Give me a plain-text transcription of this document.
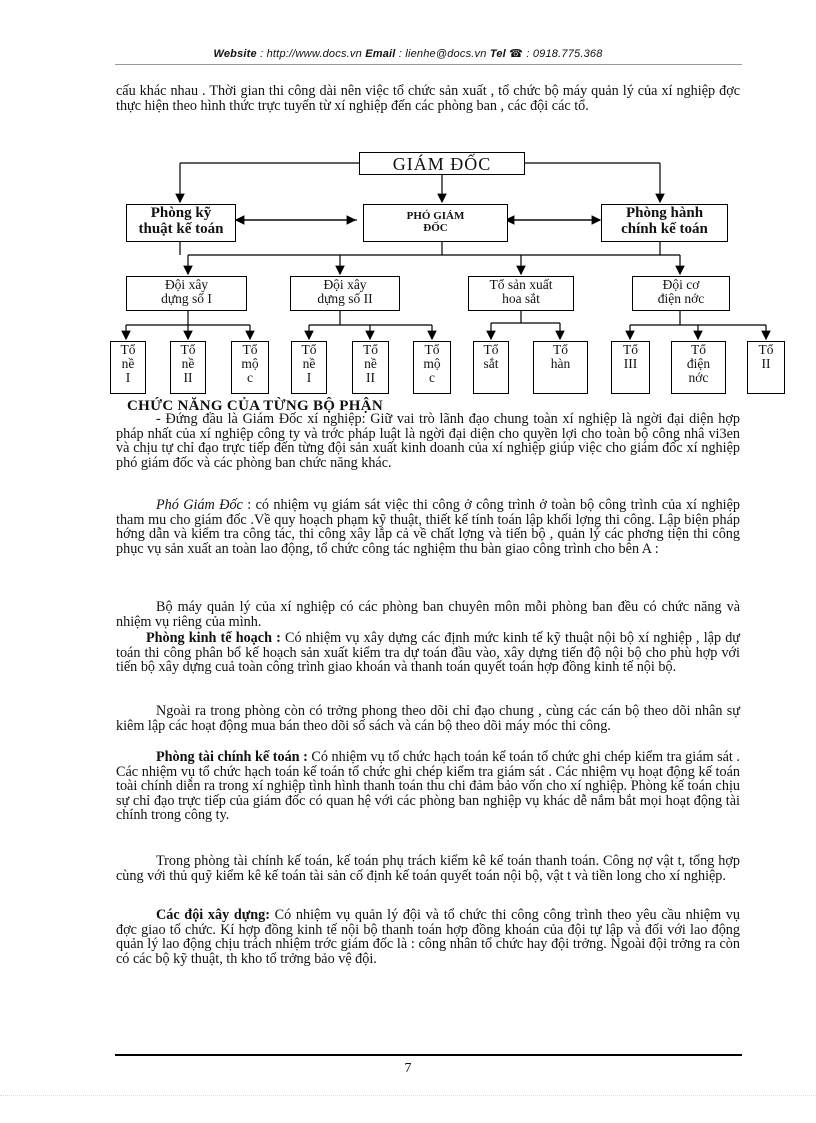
Website : http://www.docs.vn Email : lienhe@docs.vn Tel ☎ : 0918.775.368

cấu khác nhau . Thời gian thi công dài nên việc tổ chức sản xuất , tổ chức bộ máy quản lý của xí nghiệp đợc thực hiện theo hình thức trực tuyến từ xí nghiệp đến các phòng ban , các đội các tổ.

GIÁM ĐỐC
Phòng kỹ
thuật kế toán
PHÓ GIÁM
ĐỐC
Phòng hành
chính kế toán
Đội xây
dựng số I
Đội xây
dựng số II
Tổ sản xuất
hoa sắt
Đội cơ
điện nớc
Tổ
nề
I
Tổ
nề
II
Tổ
mộ
c
Tổ
nề
I
Tổ
nề
II
Tổ
mộ
c
Tổ
sắt
Tổ
hàn
Tổ
III
Tổ
điện
nớc
Tổ
II
CHỨC NĂNG CỦA TỪNG BỘ PHẬN

- Đứng đầu là Giám Đốc xí nghiệp: Giữ vai trò lãnh đạo chung toàn xí nghiệp là ngời đại diện hợp pháp nhất của xí nghiệp công ty và trớc pháp luật là ngời đại diện cho quyền lợi cho toàn bộ công nhâ vi3en và chịu tự chỉ đạo trực tiếp đến từng đội sản xuất kinh doanh của xí nghiệp giúp việc cho giám đốc xí nghiệp phó giám đốc và các phòng ban chức năng khác.

Phó Giám Đốc : có nhiệm vụ giám sát việc thi công ở công trình ở toàn bộ công trình của xí nghiệp tham mu cho giám đốc .Về quy hoạch phạm kỹ thuật, thiết kế tính toán lập khối lợng thi công. Lập biện pháp hớng dẫn và kiểm tra công tác, thi công xây lắp cả về chất lợng và tiến bộ , quản lý các phơng tiện thi công phục vụ sản xuất an toàn lao động, tổ chức công tác nghiệm thu bàn giao công trình cho bên A :

Bộ máy quản lý của xí nghiệp có các phòng ban chuyên môn mỗi phòng ban đều có chức năng và nhiệm vụ riêng của mình.

Phòng kinh tế hoạch : Có nhiệm vụ xây dựng các định mức kinh tế kỹ thuật nội bộ xí nghiệp , lập dự toán thi công phân bổ kế hoạch sản xuất kiểm tra dự toán đầu vào, xây dựng tiến độ nội bộ cho phù hợp với tiến bộ xây dựng cuả toàn công trình giao khoán và thanh toán quyết toán hợp đồng kinh tế nội bộ.

Ngoài ra trong phòng còn có trởng phong theo dõi chỉ đạo chung , cùng các cán bộ theo dõi nhân sự kiêm lập các hoạt động mua bán theo dõi số sách và cán bộ theo dõi máy móc thi công.

Phòng tài chính kế toán : Có nhiệm vụ tổ chức hạch toán kế toán tổ chức ghi chép kiểm tra giám sát . Các nhiệm vụ tổ chức hạch toán kế toán tổ chức ghi chép kiểm tra giám sát . Các nhiệm vụ hoạt động kế toán toài chính diễn ra trong xí nghiệp tình hình thanh toán thu chi đảm bảo vốn cho xí nghiệp. Phòng kế toán chịu sự chỉ đạo trực tiếp của giám đốc có quan hệ với các phòng ban nghiệp vụ khác dễ nắm bắt mọi hoạt động tài chính trong công ty.

Trong phòng tài chính kế toán, kế toán phụ trách kiểm kê kế toán thanh toán. Công nợ vật t, tổng hợp cùng với thủ quỹ kiểm kê kế toán tài sản cố định kế toán quyết toán nội bộ, vật t và tiền long cho xí nghiệp.

Các đội xây dựng: Có nhiệm vụ quản lý đội và tổ chức thi công công trình theo yêu cầu nhiệm vụ đợc giao tổ chức. Kí hợp đồng kinh tế nội bộ thanh toán hợp đồng khoán của đội tự lập và đối với lao động quản lý lao động chịu trách nhiệm trớc giám đốc là : công nhân tổ chức hay đội trởng. Ngoài đội trởng ra còn có các bộ kỹ thuật, th kho tổ trởng bảo vệ đội.

7
